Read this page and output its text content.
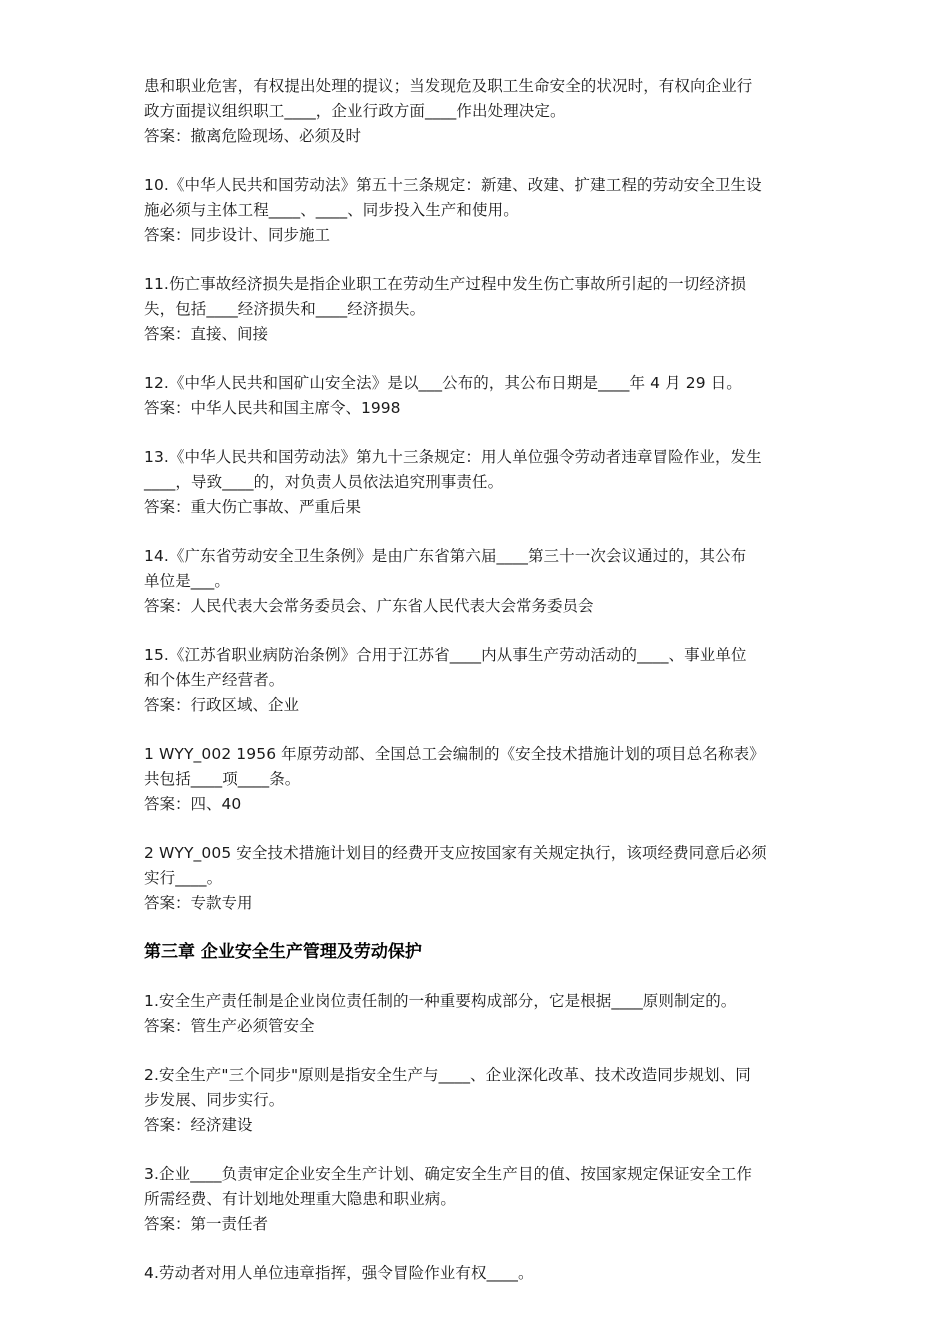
患和职业危害，有权提出处理的提议；当发现危及职工生命安全的状况时，有权向企业行
政方面提议组织职工____，企业行政方面____作出处理决定。
答案：撤离危险现场、必须及时
10.《中华人民共和国劳动法》第五十三条规定：新建、改建、扩建工程的劳动安全卫生设
施必须与主体工程____、____、同步投入生产和使用。
答案：同步设计、同步施工
11.伤亡事故经济损失是指企业职工在劳动生产过程中发生伤亡事故所引起的一切经济损
失，包括____经济损失和____经济损失。
答案：直接、间接
12.《中华人民共和国矿山安全法》是以___公布的，其公布日期是____年 4 月 29 日。
答案：中华人民共和国主席令、1998
13.《中华人民共和国劳动法》第九十三条规定：用人单位强令劳动者违章冒险作业，发生
____，导致____的，对负责人员依法追究刑事责任。
答案：重大伤亡事故、严重后果
14.《广东省劳动安全卫生条例》是由广东省第六届____第三十一次会议通过的，其公布
单位是___。
答案：人民代表大会常务委员会、广东省人民代表大会常务委员会
15.《江苏省职业病防治条例》合用于江苏省____内从事生产劳动活动的____、事业单位
和个体生产经营者。
答案：行政区域、企业
1 WYY_002 1956 年原劳动部、全国总工会编制的《安全技术措施计划的项目总名称表》
共包括____项____条。
答案：四、40
2 WYY_005 安全技术措施计划目的经费开支应按国家有关规定执行，该项经费同意后必须
实行____。
答案：专款专用
第三章 企业安全生产管理及劳动保护
1.安全生产责任制是企业岗位责任制的一种重要构成部分，它是根据____原则制定的。
答案：管生产必须管安全
2.安全生产"三个同步"原则是指安全生产与____、企业深化改革、技术改造同步规划、同
步发展、同步实行。
答案：经济建设
3.企业____负责审定企业安全生产计划、确定安全生产目的值、按国家规定保证安全工作
所需经费、有计划地处理重大隐患和职业病。
答案：第一责任者
4.劳动者对用人单位违章指挥，强令冒险作业有权____。
